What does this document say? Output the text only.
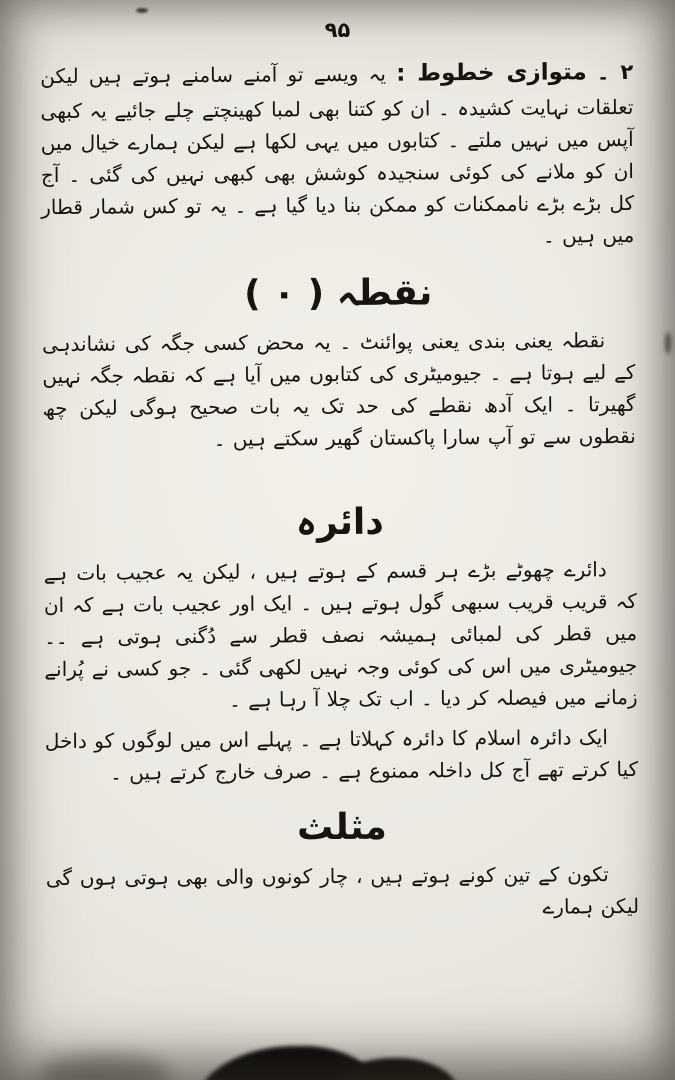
۹۵

۲ ۔ متوازی خطوط : یہ ویسے تو آمنے سامنے ہوتے ہیں لیکن تعلقات نہایت کشیدہ ۔ ان کو کتنا بھی لمبا کھینچتے چلے جائیے یہ کبھی آپس میں نہیں ملتے ۔ کتابوں میں یہی لکھا ہے لیکن ہمارے خیال میں ان کو ملانے کی کوئی سنجیدہ کوشش بھی کبھی نہیں کی گئی ۔ آج کل بڑے بڑے ناممکنات کو ممکن بنا دیا گیا ہے ۔ یہ تو کس شمار قطار میں ہیں ۔

نقطہ ( ۰ )

نقطہ یعنی بندی یعنی پوائنٹ ۔ یہ محض کسی جگہ کی نشاندہی کے لیے ہوتا ہے ۔ جیومیٹری کی کتابوں میں آیا ہے کہ نقطہ جگہ نہیں گھیرتا ۔ ایک آدھ نقطے کی حد تک یہ بات صحیح ہوگی لیکن چھ نقطوں سے تو آپ سارا پاکستان گھیر سکتے ہیں ۔

دائرہ

دائرے چھوٹے بڑے ہر قسم کے ہوتے ہیں ، لیکن یہ عجیب بات ہے کہ قریب قریب سبھی گول ہوتے ہیں ۔ ایک اور عجیب بات ہے کہ ان میں قطر کی لمبائی ہمیشہ نصف قطر سے دُگنی ہوتی ہے ۔۔ جیومیٹری میں اس کی کوئی وجہ نہیں لکھی گئی ۔ جو کسی نے پُرانے زمانے میں فیصلہ کر دیا ۔ اب تک چلا آ رہا ہے ۔

ایک دائرہ اسلام کا دائرہ کہلاتا ہے ۔ پہلے اس میں لوگوں کو داخل کیا کرتے تھے آج کل داخلہ ممنوع ہے ۔ صرف خارج کرتے ہیں ۔

مثلث

تکون کے تین کونے ہوتے ہیں ، چار کونوں والی بھی ہوتی ہوں گی لیکن ہمارے
